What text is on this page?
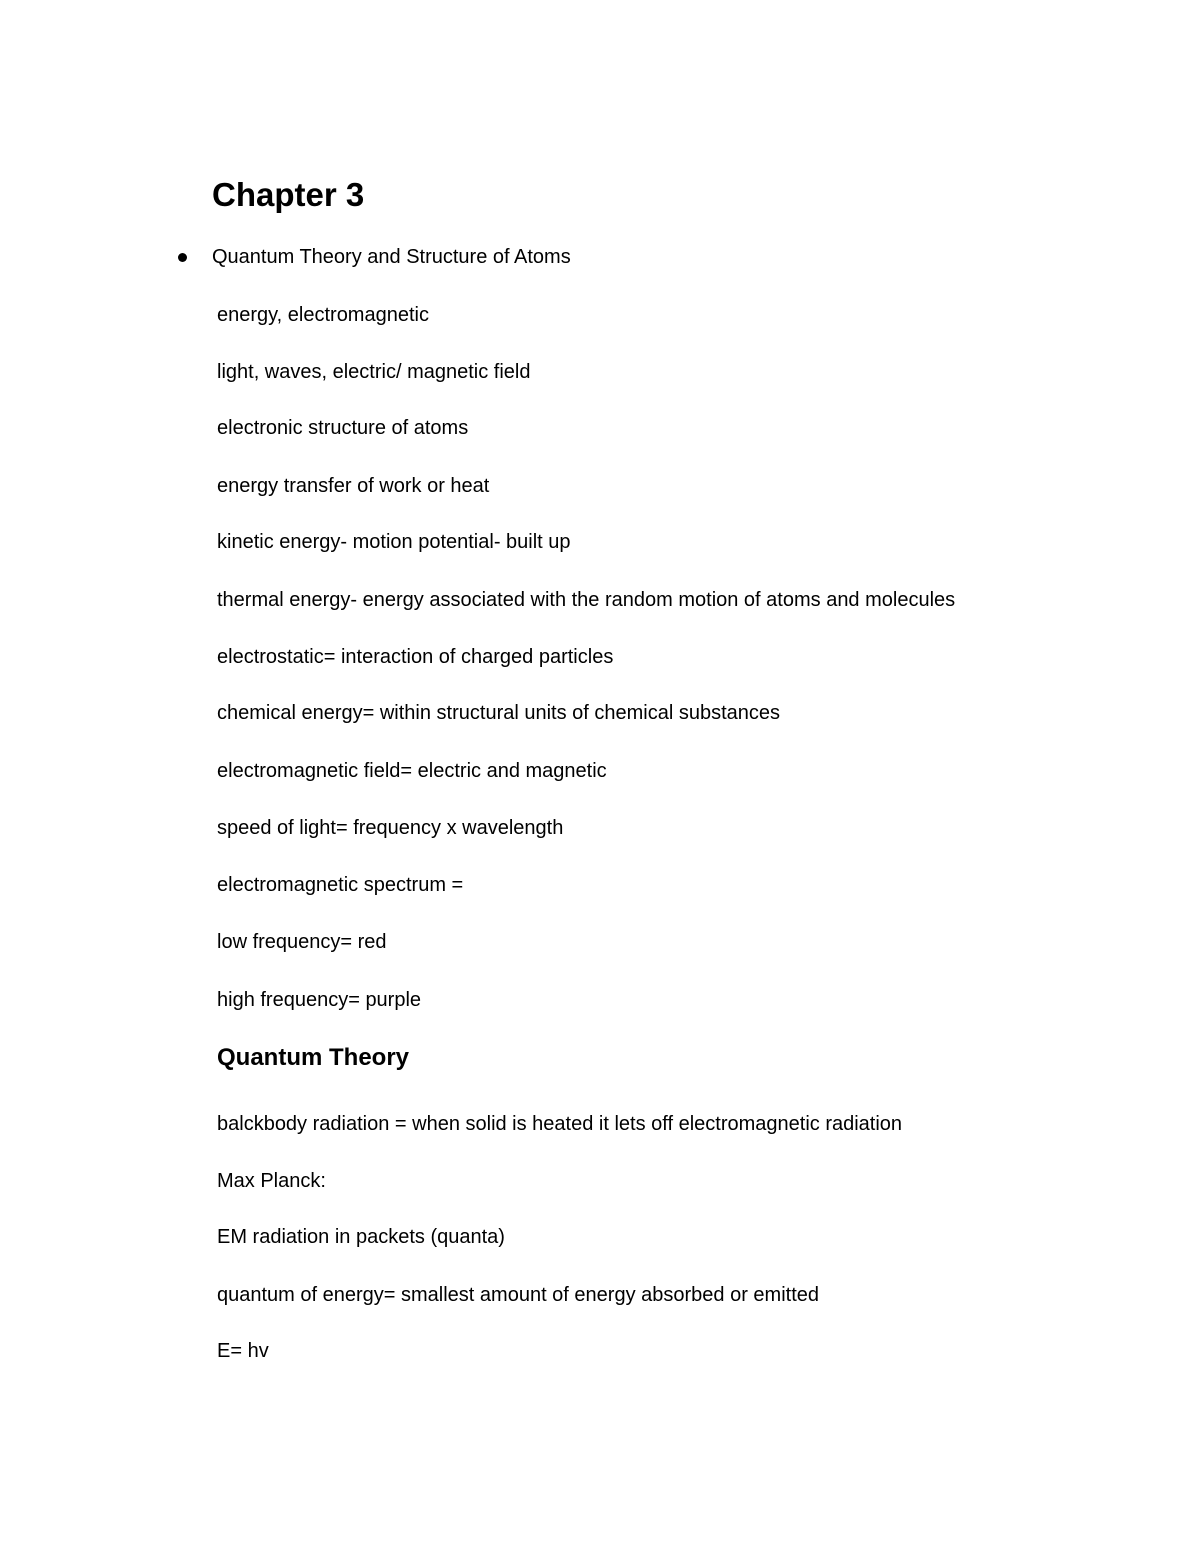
Chapter 3
Quantum Theory and Structure of Atoms
energy, electromagnetic
light, waves, electric/ magnetic field
electronic structure of atoms
energy transfer of work or heat
kinetic energy- motion potential- built up
thermal energy- energy associated with the random motion of atoms and molecules
electrostatic= interaction of charged particles
chemical energy= within structural units of chemical substances
electromagnetic field= electric and magnetic
speed of light= frequency x wavelength
electromagnetic spectrum =
low frequency= red
high frequency= purple
Quantum Theory
balckbody radiation = when solid is heated it lets off electromagnetic radiation
Max Planck:
EM radiation in packets (quanta)
quantum of energy= smallest amount of energy absorbed or emitted
E= hv
